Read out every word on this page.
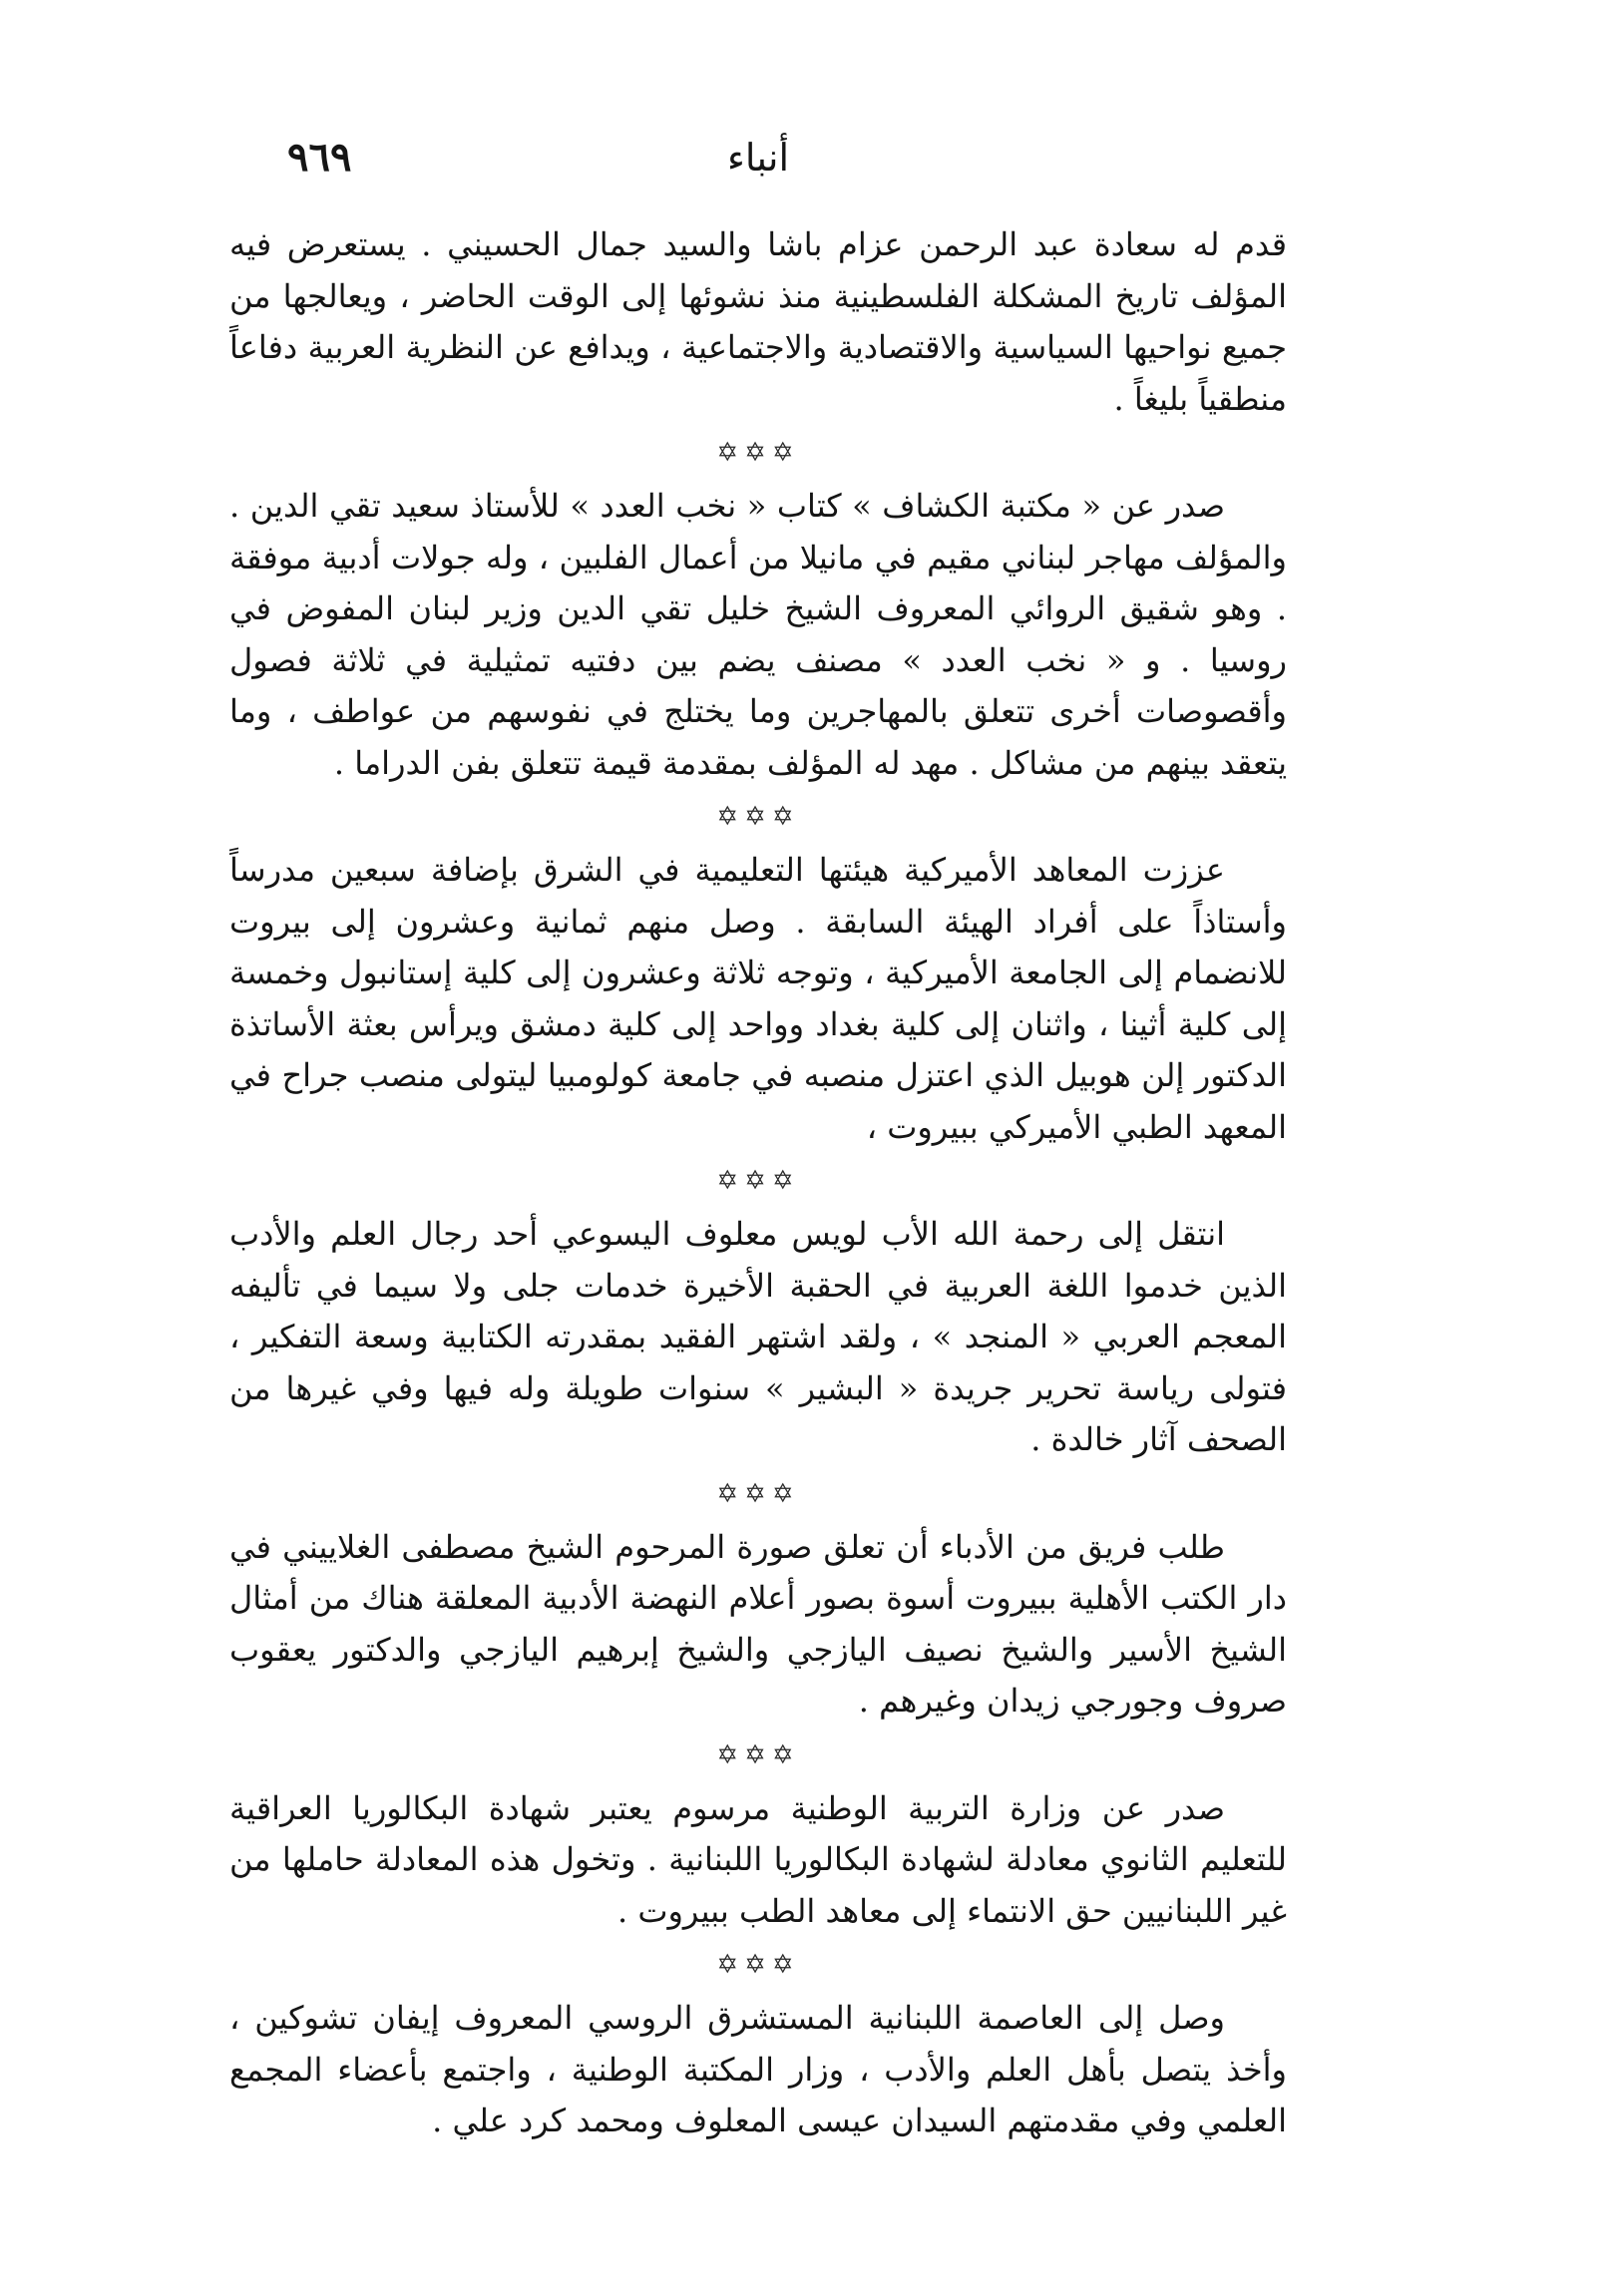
أنباء
٩٦٩

قدم له سعادة عبد الرحمن عزام باشا والسيد جمال الحسيني . يستعرض فيه المؤلف تاريخ المشكلة الفلسطينية منذ نشوئها إلى الوقت الحاضر ، ويعالجها من جميع نواحيها السياسية والاقتصادية والاجتماعية ، ويدافع عن النظرية العربية دفاعاً منطقياً بليغاً .

✡✡✡

صدر عن « مكتبة الكشاف » كتاب « نخب العدد » للأستاذ سعيد تقي الدين . والمؤلف مهاجر لبناني مقيم في مانيلا من أعمال الفلبين ، وله جولات أدبية موفقة . وهو شقيق الروائي المعروف الشيخ خليل تقي الدين وزير لبنان المفوض في روسيا . و « نخب العدد » مصنف يضم بين دفتيه تمثيلية في ثلاثة فصول وأقصوصات أخرى تتعلق بالمهاجرين وما يختلج في نفوسهم من عواطف ، وما يتعقد بينهم من مشاكل . مهد له المؤلف بمقدمة قيمة تتعلق بفن الدراما .

✡✡✡

عززت المعاهد الأميركية هيئتها التعليمية في الشرق بإضافة سبعين مدرساً وأستاذاً على أفراد الهيئة السابقة . وصل منهم ثمانية وعشرون إلى بيروت للانضمام إلى الجامعة الأميركية ، وتوجه ثلاثة وعشرون إلى كلية إستانبول وخمسة إلى كلية أثينا ، واثنان إلى كلية بغداد وواحد إلى كلية دمشق ويرأس بعثة الأساتذة الدكتور إلن هوبيل الذي اعتزل منصبه في جامعة كولومبيا ليتولى منصب جراح في المعهد الطبي الأميركي ببيروت ،

✡✡✡

انتقل إلى رحمة الله الأب لويس معلوف اليسوعي أحد رجال العلم والأدب الذين خدموا اللغة العربية في الحقبة الأخيرة خدمات جلى ولا سيما في تأليفه المعجم العربي « المنجد » ، ولقد اشتهر الفقيد بمقدرته الكتابية وسعة التفكير ، فتولى رياسة تحرير جريدة « البشير » سنوات طويلة وله فيها وفي غيرها من الصحف آثار خالدة .

✡✡✡

طلب فريق من الأدباء أن تعلق صورة المرحوم الشيخ مصطفى الغلاييني في دار الكتب الأهلية ببيروت أسوة بصور أعلام النهضة الأدبية المعلقة هناك من أمثال الشيخ الأسير والشيخ نصيف اليازجي والشيخ إبرهيم اليازجي والدكتور يعقوب صروف وجورجي زيدان وغيرهم .

✡✡✡

صدر عن وزارة التربية الوطنية مرسوم يعتبر شهادة البكالوريا العراقية للتعليم الثانوي معادلة لشهادة البكالوريا اللبنانية . وتخول هذه المعادلة حاملها من غير اللبنانيين حق الانتماء إلى معاهد الطب ببيروت .

✡✡✡

وصل إلى العاصمة اللبنانية المستشرق الروسي المعروف إيفان تشوكين ، وأخذ يتصل بأهل العلم والأدب ، وزار المكتبة الوطنية ، واجتمع بأعضاء المجمع العلمي وفي مقدمتهم السيدان عيسى المعلوف ومحمد كرد علي .
